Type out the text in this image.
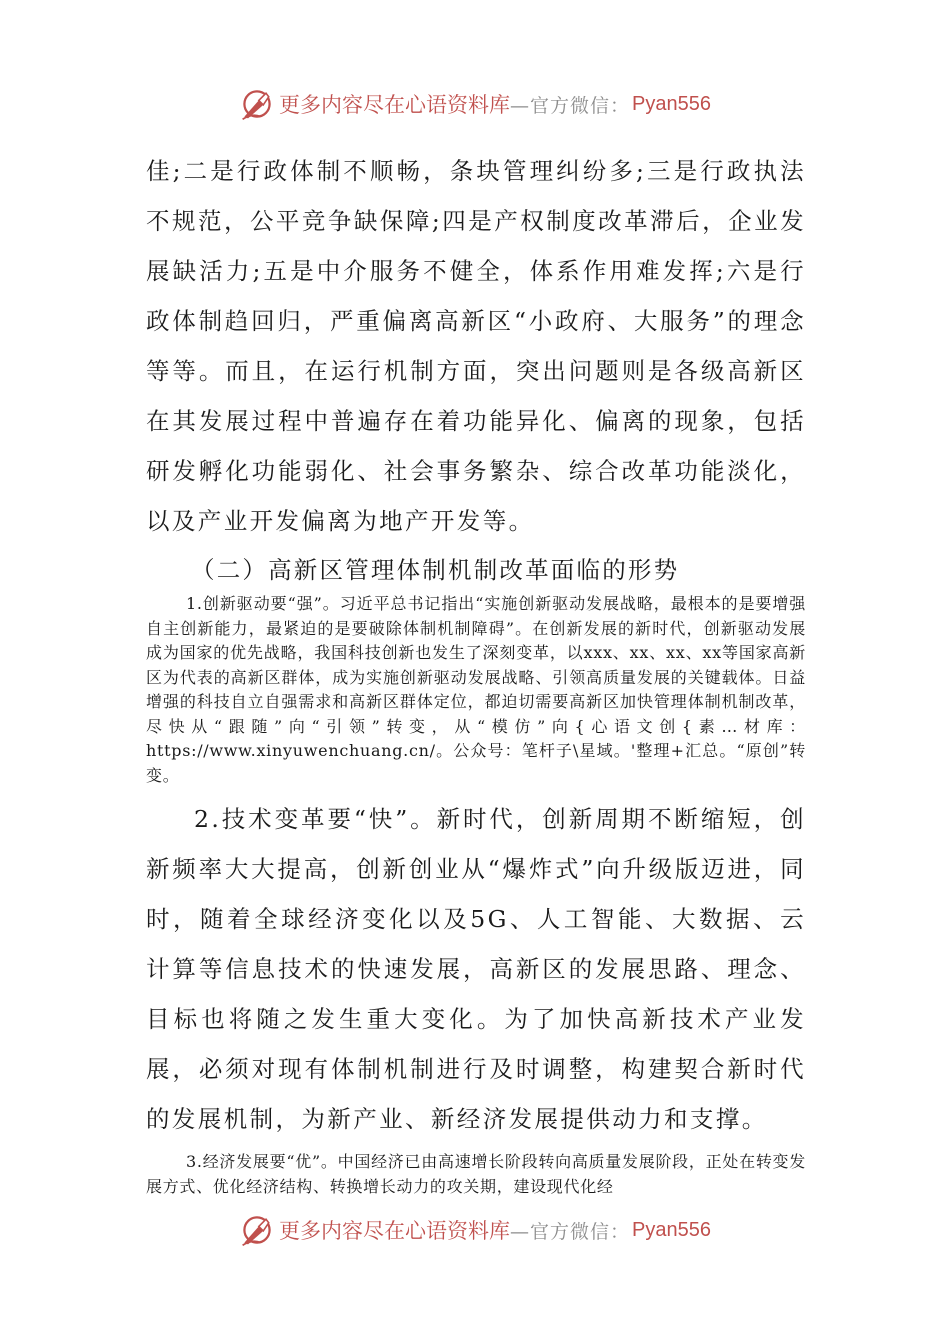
更多内容尽在心语资料库 —官方微信： Pyan556

佳;二是行政体制不顺畅，条块管理纠纷多;三是行政执法不规范，公平竞争缺保障;四是产权制度改革滞后，企业发展缺活力;五是中介服务不健全，体系作用难发挥;六是行政体制趋回归，严重偏离高新区“小政府、大服务”的理念等等。而且，在运行机制方面，突出问题则是各级高新区在其发展过程中普遍存在着功能异化、偏离的现象，包括研发孵化功能弱化、社会事务繁杂、综合改革功能淡化，以及产业开发偏离为地产开发等。

（二）高新区管理体制机制改革面临的形势

1.创新驱动要“强”。习近平总书记指出“实施创新驱动发展战略，最根本的是要增强自主创新能力，最紧迫的是要破除体制机制障碍”。在创新发展的新时代，创新驱动发展成为国家的优先战略，我国科技创新也发生了深刻变革，以xxx、xx、xx、xx等国家高新区为代表的高新区群体，成为实施创新驱动发展战略、引领高质量发展的关键载体。日益增强的科技自立自强需求和高新区群体定位，都迫切需要高新区加快管理体制机制改革，尽快从“跟随”向“引领”转变，从“模仿”向{心语文创{素…材库：https://www.xinyuwenchuang.cn/。公众号：笔杆子\星域。'整理+汇总。“原创”转变。

2.技术变革要“快”。新时代，创新周期不断缩短，创新频率大大提高，创新创业从“爆炸式”向升级版迈进，同时，随着全球经济变化以及5G、人工智能、大数据、云计算等信息技术的快速发展，高新区的发展思路、理念、目标也将随之发生重大变化。为了加快高新技术产业发展，必须对现有体制机制进行及时调整，构建契合新时代的发展机制，为新产业、新经济发展提供动力和支撑。

3.经济发展要“优”。中国经济已由高速增长阶段转向高质量发展阶段，正处在转变发展方式、优化经济结构、转换增长动力的攻关期，建设现代化经

更多内容尽在心语资料库 —官方微信： Pyan556
